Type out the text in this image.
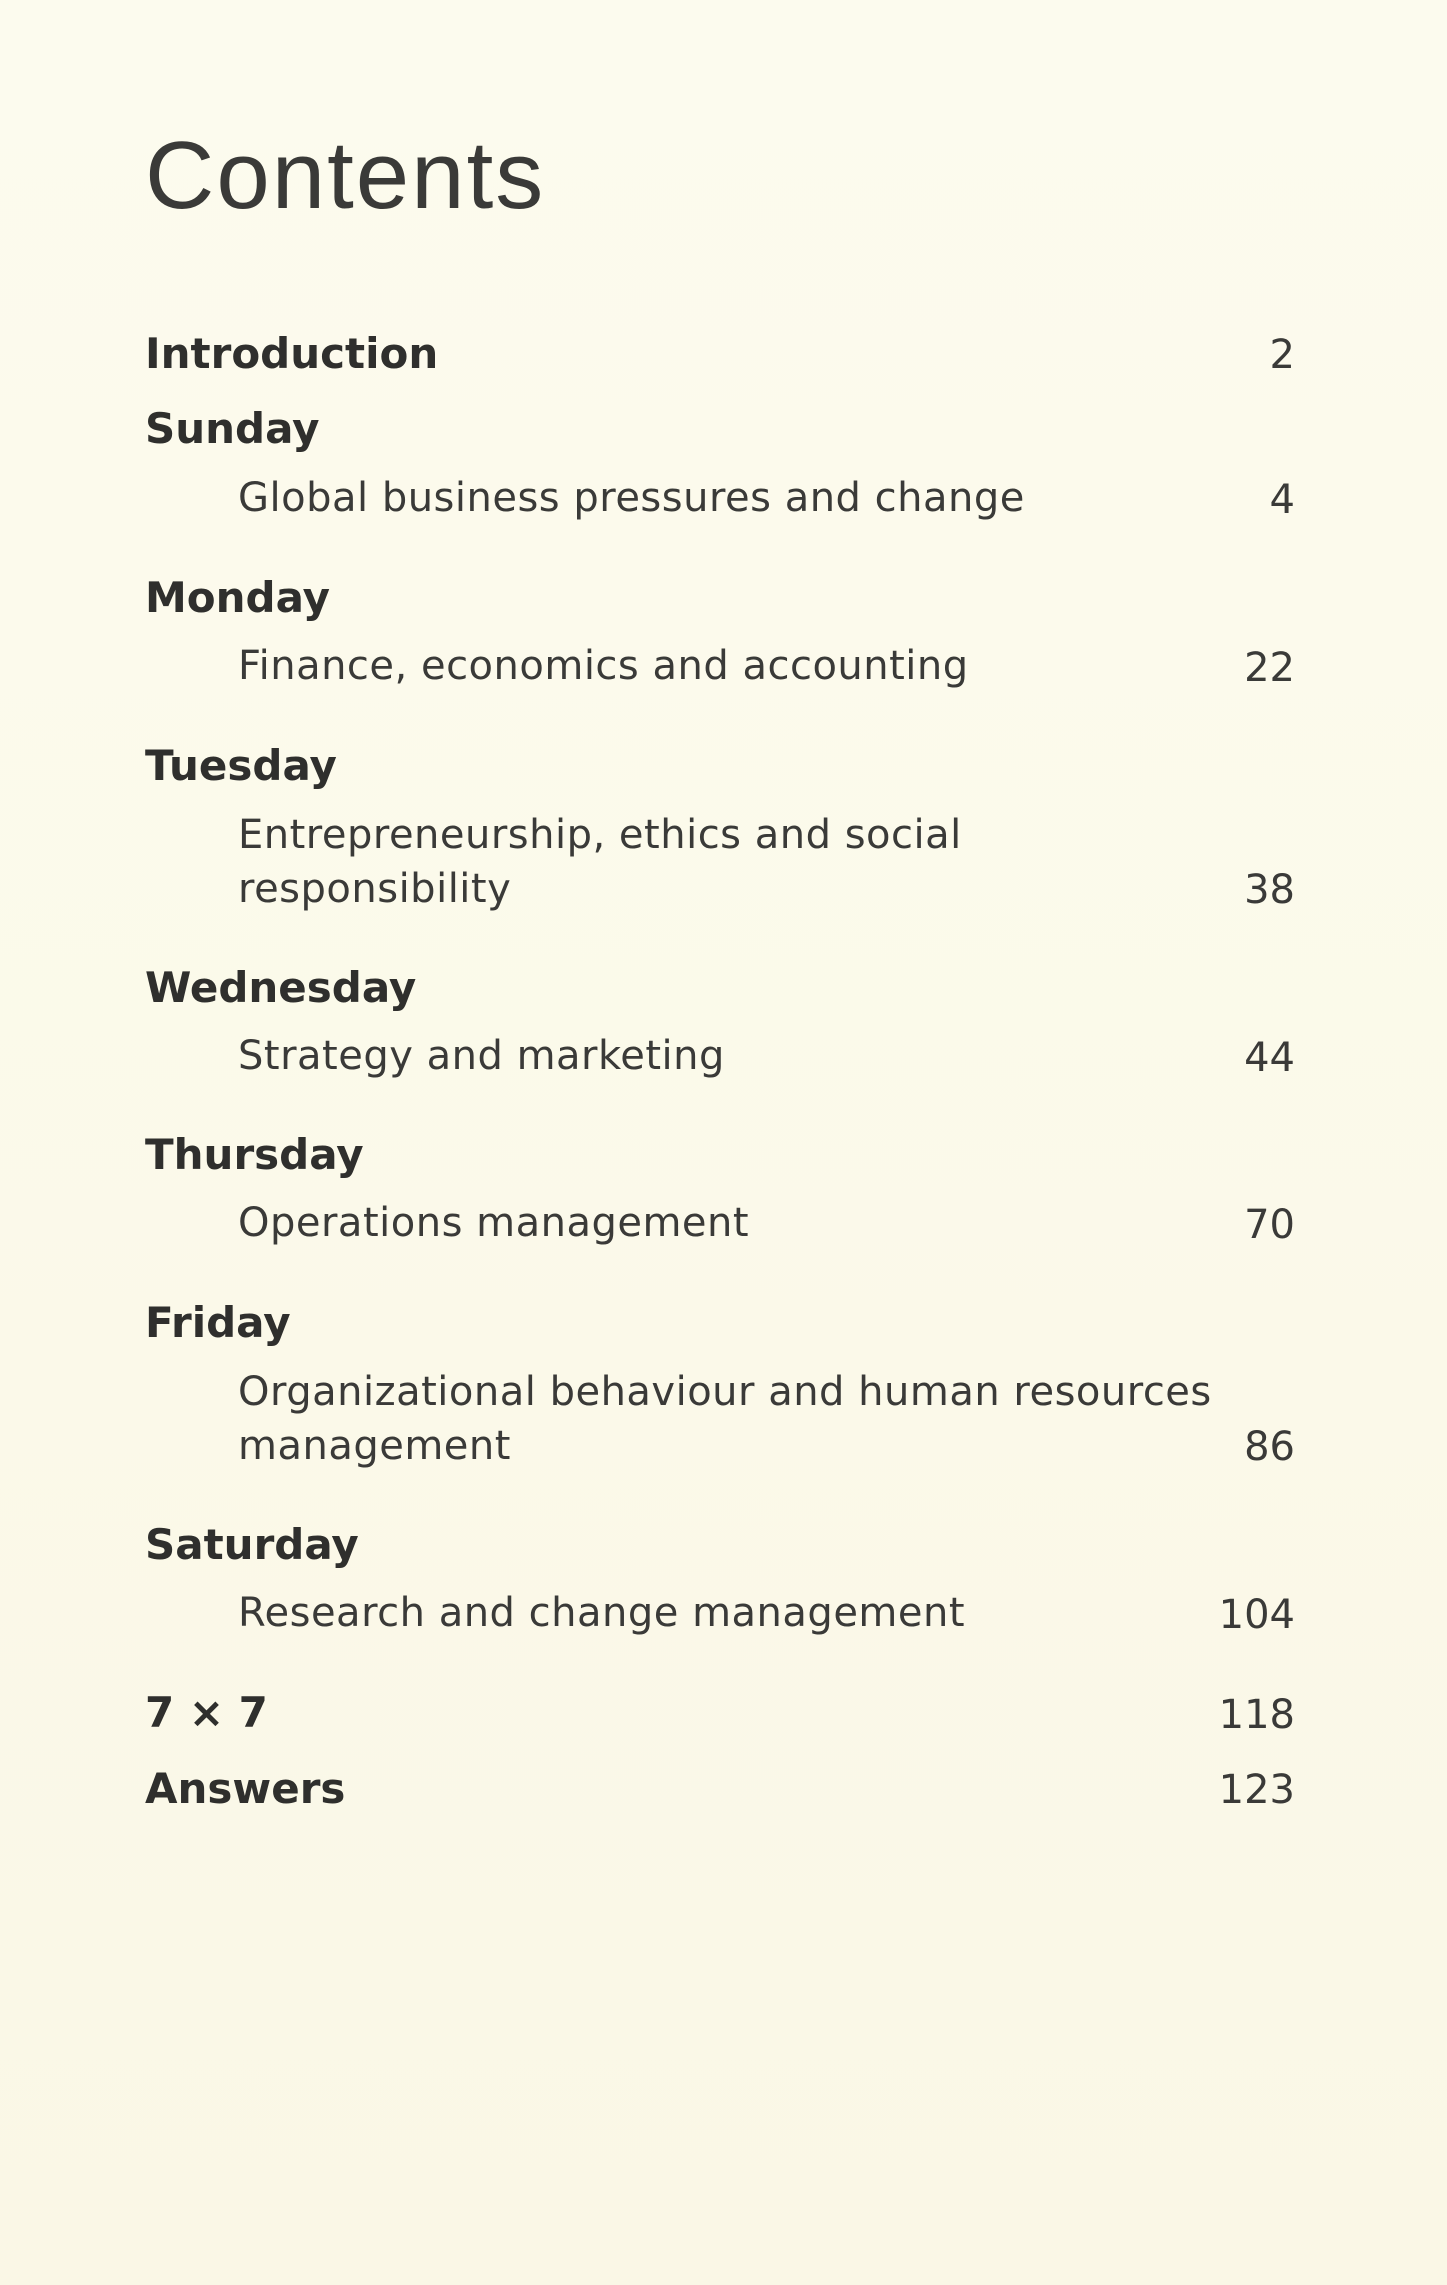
Contents
Introduction	2
Sunday
Global business pressures and change	4
Monday
Finance, economics and accounting	22
Tuesday
Entrepreneurship, ethics and social
responsibility	38
Wednesday
Strategy and marketing	44
Thursday
Operations management	70
Friday
Organizational behaviour and human resources
management	86
Saturday
Research and change management	104
7 × 7	118
Answers	123
